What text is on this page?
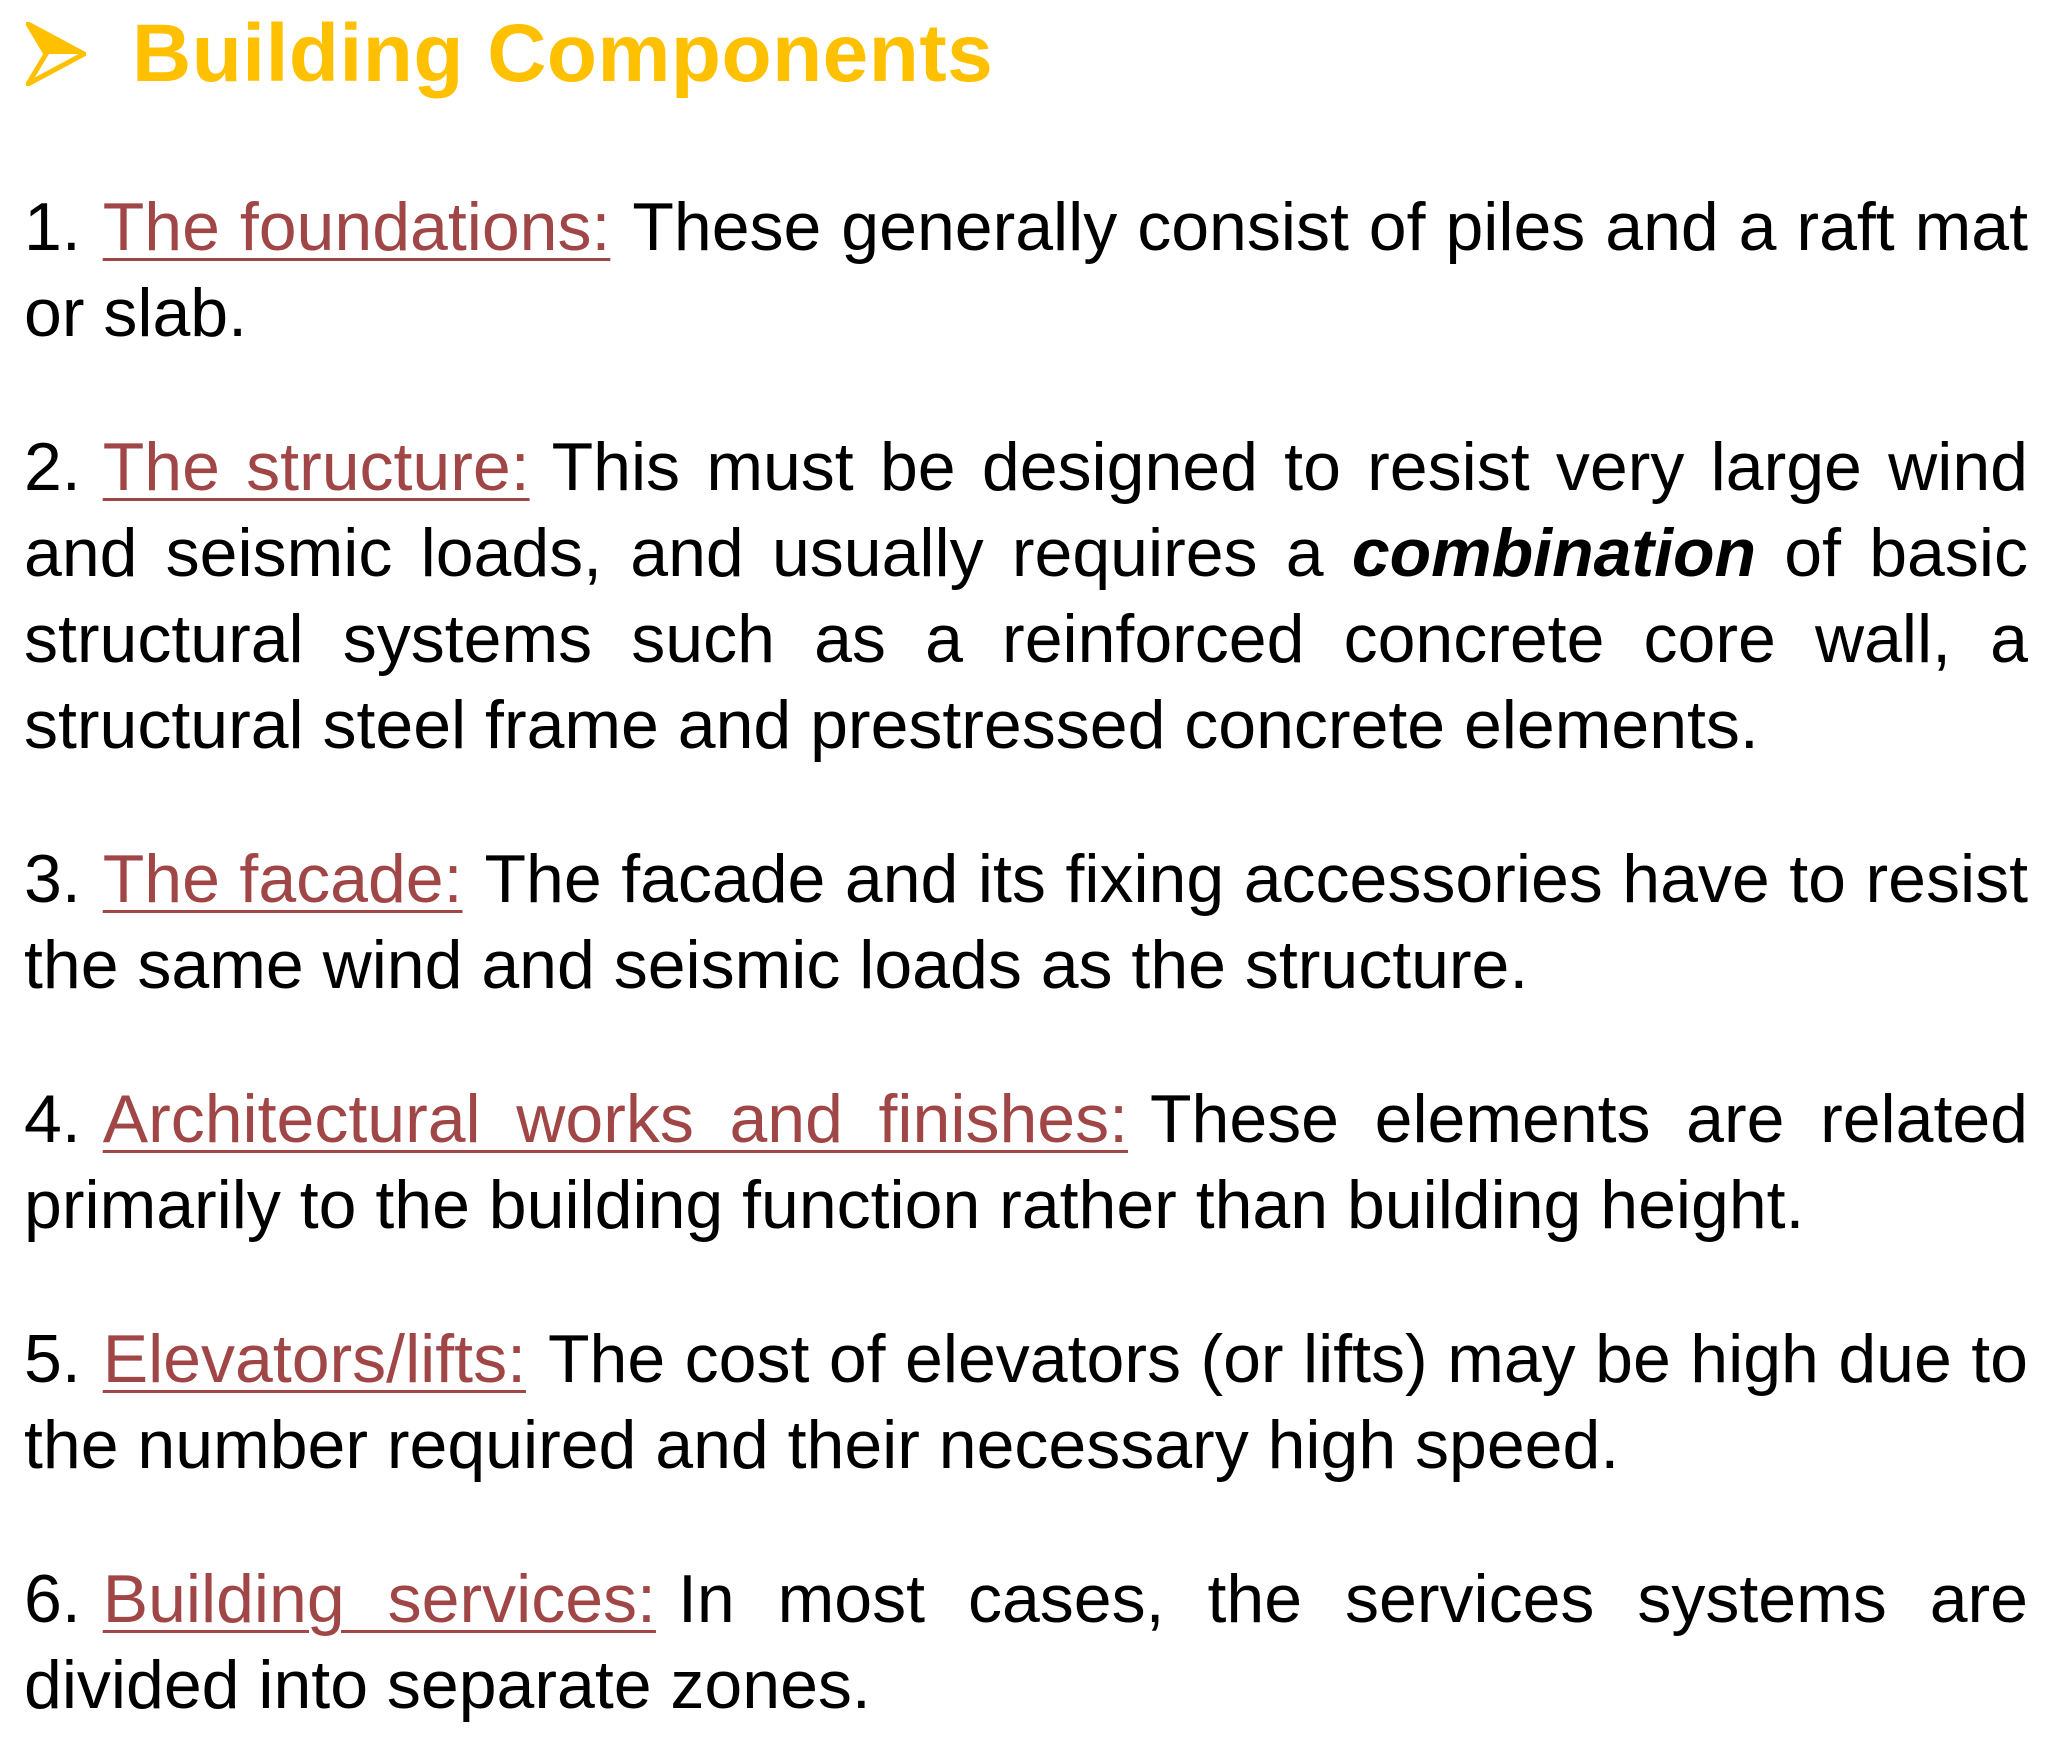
Building Components

1. The foundations: These generally consist of piles and a raft mat or slab.

2. The structure: This must be designed to resist very large wind and seismic loads, and usually requires a combination of basic structural systems such as a reinforced concrete core wall, a structural steel frame and prestressed concrete elements.

3. The facade: The facade and its fixing accessories have to resist the same wind and seismic loads as the structure.

4. Architectural works and finishes: These elements are related primarily to the building function rather than building height.

5. Elevators/lifts: The cost of elevators (or lifts) may be high due to the number required and their necessary high speed.

6. Building services: In most cases, the services systems are divided into separate zones.
